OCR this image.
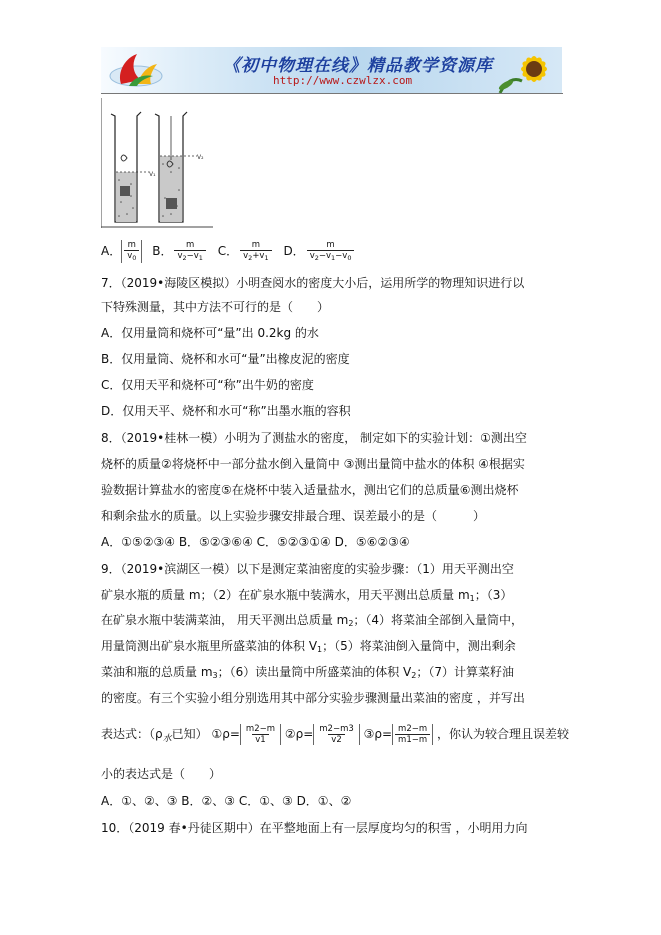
《初中物理在线》精品教学资源库
http://www.czwlzx.com
V₁
V₂
A． $\frac{m}{v_0}$ B． $\frac{m}{v_2-v_1}$ C． $\frac{m}{v_2+v_1}$ D． $\frac{m}{v_2-v_1-v_0}$
7．（2019•海陵区模拟）小明查阅水的密度大小后，运用所学的物理知识进行以
下特殊测量，其中方法不可行的是（　　）
A．仅用量筒和烧杯可“量”出 0.2kg 的水
B．仅用量筒、烧杯和水可“量”出橡皮泥的密度
C．仅用天平和烧杯可“称”出牛奶的密度
D．仅用天平、烧杯和水可“称”出墨水瓶的容积
8．（2019•桂林一模）小明为了测盐水的密度， 制定如下的实验计划：①测出空
烧杯的质量②将烧杯中一部分盐水倒入量筒中 ③测出量筒中盐水的体积 ④根据实
验数据计算盐水的密度⑤在烧杯中装入适量盐水，测出它们的总质量⑥测出烧杯
和剩余盐水的质量。以上实验步骤安排最合理、误差最小的是（　　　）
A．①⑤②③④ B．⑤②③⑥④ C．⑤②③①④ D．⑤⑥②③④
9．（2019•滨湖区一模）以下是测定菜油密度的实验步骤：（1）用天平测出空
矿泉水瓶的质量 m；（2）在矿泉水瓶中装满水，用天平测出总质量 m1；（3）
在矿泉水瓶中装满菜油， 用天平测出总质量 m2；（4）将菜油全部倒入量筒中，
用量筒测出矿泉水瓶里所盛菜油的体积 V1；（5）将菜油倒入量筒中，测出剩余
菜油和瓶的总质量 m3；（6）读出量筒中所盛菜油的体积 V2；（7）计算菜籽油
的密度。有三个实验小组分别选用其中部分实验步骤测量出菜油的密度 ，并写出
表达式：（$\rho_水$已知） ①ρ= $\frac{m2-m}{v1}$ ②ρ= $\frac{m2-m3}{v2}$ ③ρ= $\frac{m2-m}{m1-m}$ ，你认为较合理且误差较
小的表达式是（　　）
A．①、②、③ B．②、③ C．①、③ D．①、②
10．（2019 春•丹徒区期中）在平整地面上有一层厚度均匀的积雪 ，小明用力向
